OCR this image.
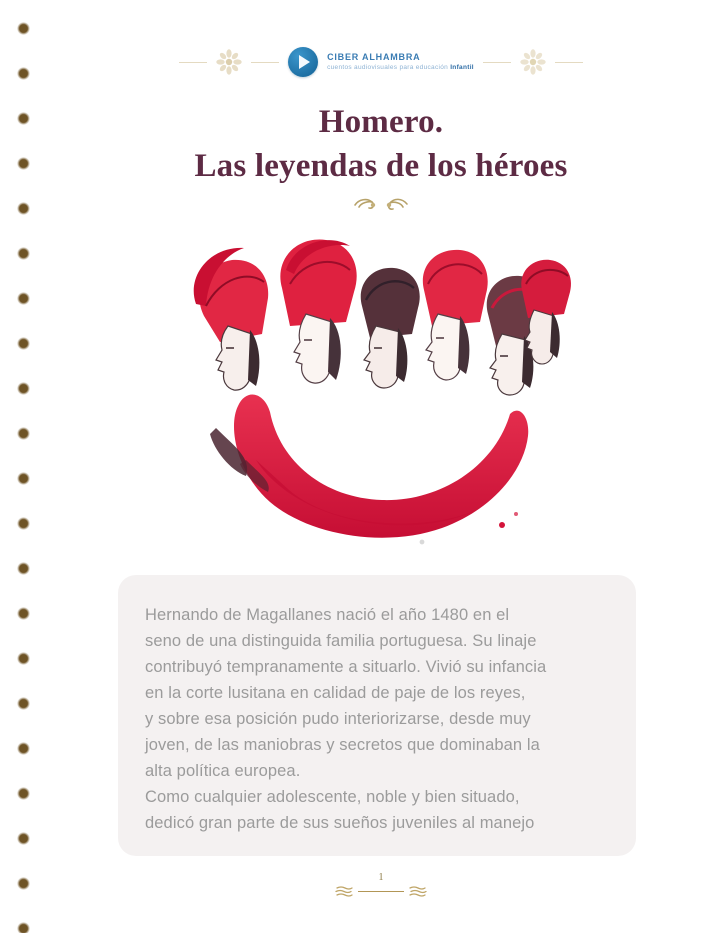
CIBER ALHAMBRA
cuentos audiovisuales para educación Infantil
Homero.
Las leyendas de los héroes
Hernando de Magallanes nació el año 1480 en el
seno de una distinguida familia portuguesa. Su linaje
contribuyó tempranamente a situarlo. Vivió su infancia
en la corte lusitana en calidad de paje de los reyes,
y sobre esa posición pudo interiorizarse, desde muy
joven, de las maniobras y secretos que dominaban la
alta política europea.
Como cualquier adolescente, noble y bien situado,
dedicó gran parte de sus sueños juveniles al manejo
1
